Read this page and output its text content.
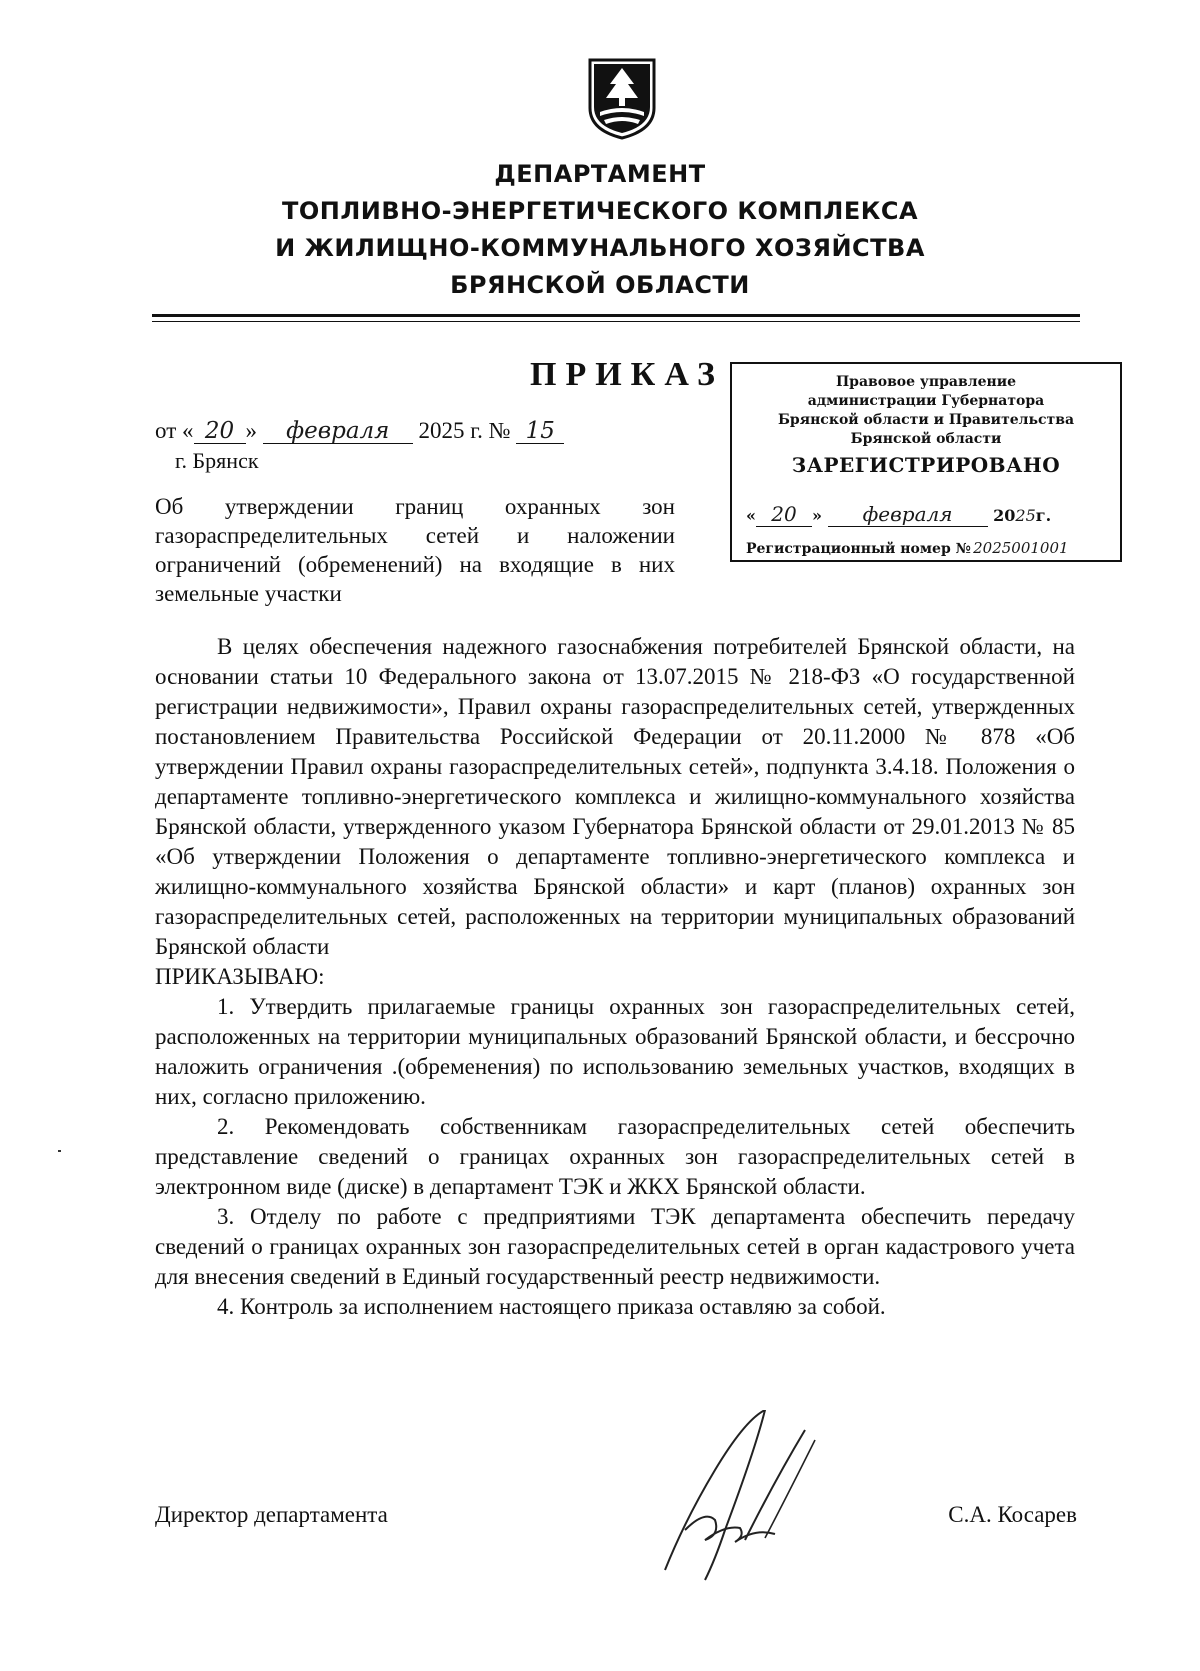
ДЕПАРТАМЕНТ
ТОПЛИВНО-ЭНЕРГЕТИЧЕСКОГО КОМПЛЕКСА
И ЖИЛИЩНО-КОММУНАЛЬНОГО ХОЗЯЙСТВА
БРЯНСКОЙ ОБЛАСТИ
ПРИКАЗ
от « 20 » февраля 2025 г. № 15
г. Брянск
Об утверждении границ охранных зон газораспределительных сетей и наложении ограничений (обременений) на входящие в них земельные участки
Правовое управление
администрации Губернатора
Брянской области и Правительства
Брянской области
ЗАРЕГИСТРИРОВАНО
« 20 » февраля	2025г.
Регистрационный номер № 2025001001

В целях обеспечения надежного газоснабжения потребителей Брянской области, на основании статьи 10 Федерального закона от 13.07.2015 № 218-ФЗ «О государственной регистрации недвижимости», Правил охраны газораспределительных сетей, утвержденных постановлением Правительства Российской Федерации от 20.11.2000 № 878 «Об утверждении Правил охраны газораспределительных сетей», подпункта 3.4.18. Положения о департаменте топливно-энергетического комплекса и жилищно-коммунального хозяйства Брянской области, утвержденного указом Губернатора Брянской области от 29.01.2013 № 85 «Об утверждении Положения о департаменте топливно-энергетического комплекса и жилищно-коммунального хозяйства Брянской области» и карт (планов) охранных зон газораспределительных сетей, расположенных на территории муниципальных образований Брянской области

ПРИКАЗЫВАЮ:

1. Утвердить прилагаемые границы охранных зон газораспределительных сетей, расположенных на территории муниципальных образований Брянской области, и бессрочно наложить ограничения .(обременения) по использованию земельных участков, входящих в них, согласно приложению.

2. Рекомендовать собственникам газораспределительных сетей обеспечить представление сведений о границах охранных зон газораспределительных сетей в электронном виде (диске) в департамент ТЭК и ЖКХ Брянской области.

3. Отделу по работе с предприятиями ТЭК департамента обеспечить передачу сведений о границах охранных зон газораспределительных сетей в орган кадастрового учета для внесения сведений в Единый государственный реестр недвижимости.

4. Контроль за исполнением настоящего приказа оставляю за собой.

Директор департамента	С.А. Косарев
